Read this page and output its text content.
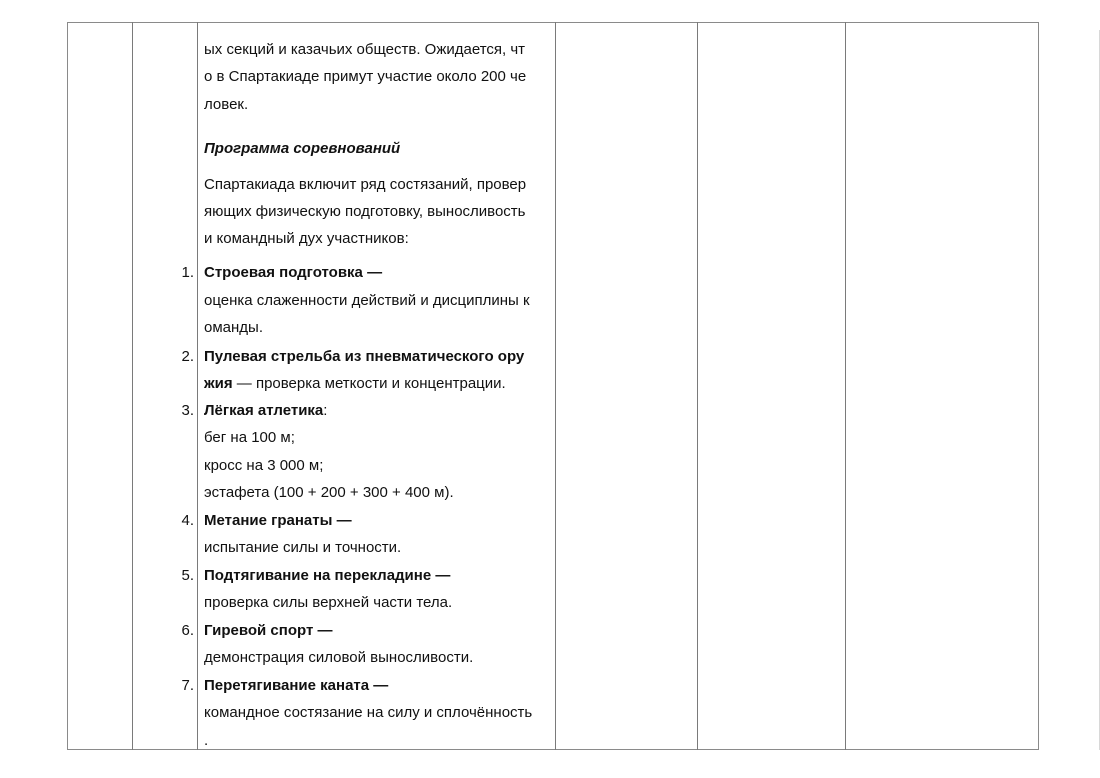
ых секций и казачьих обществ. Ожидается, чт
о в Спартакиаде примут участие около 200 че
ловек.
Программа соревнований
Спартакиада включит ряд состязаний, провер
яющих физическую подготовку, выносливость
и командный дух участников:
1. Строевая подготовка —
оценка слаженности действий и дисциплины к
оманды.
2. Пулевая стрельба из пневматического ору
жия — проверка меткости и концентрации.
3. Лёгкая атлетика:
бег на 100 м;
кросс на 3 000 м;
эстафета (100 + 200 + 300 + 400 м).
4. Метание гранаты —
испытание силы и точности.
5. Подтягивание на перекладине —
проверка силы верхней части тела.
6. Гиревой спорт —
демонстрация силовой выносливости.
7. Перетягивание каната —
командное состязание на силу и сплочённость
.
